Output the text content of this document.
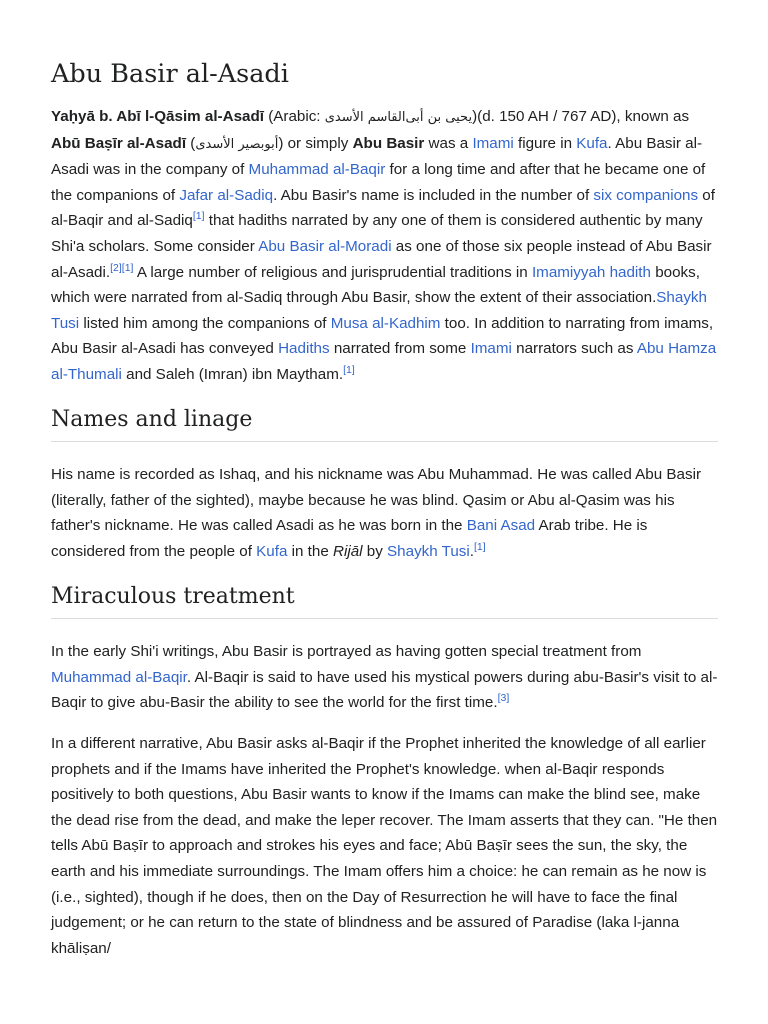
Abu Basir al-Asadi

Yaḥyā b. Abī l-Qāsim al-Asadī (Arabic: يحيى بن أبى‌القاسم الأسدى)(d. 150 AH / 767 AD), known as Abū Baṣīr al-Asadī (أبوبصير الأسدى) or simply Abu Basir was a Imami figure in Kufa. Abu Basir al-Asadi was in the company of Muhammad al-Baqir for a long time and after that he became one of the companions of Jafar al-Sadiq. Abu Basir's name is included in the number of six companions of al-Baqir and al-Sadiq[1] that hadiths narrated by any one of them is considered authentic by many Shi'a scholars. Some consider Abu Basir al-Moradi as one of those six people instead of Abu Basir al-Asadi.[2][1] A large number of religious and jurisprudential traditions in Imamiyyah hadith books, which were narrated from al-Sadiq through Abu Basir, show the extent of their association.Shaykh Tusi listed him among the companions of Musa al-Kadhim too. In addition to narrating from imams, Abu Basir al-Asadi has conveyed Hadiths narrated from some Imami narrators such as Abu Hamza al-Thumali and Saleh (Imran) ibn Maytham.[1]

Names and linage

His name is recorded as Ishaq, and his nickname was Abu Muhammad. He was called Abu Basir (literally, father of the sighted), maybe because he was blind. Qasim or Abu al-Qasim was his father's nickname. He was called Asadi as he was born in the Bani Asad Arab tribe. He is considered from the people of Kufa in the Rijāl by Shaykh Tusi.[1]

Miraculous treatment

In the early Shi'i writings, Abu Basir is portrayed as having gotten special treatment from Muhammad al-Baqir. Al-Baqir is said to have used his mystical powers during abu-Basir's visit to al-Baqir to give abu-Basir the ability to see the world for the first time.[3]

In a different narrative, Abu Basir asks al-Baqir if the Prophet inherited the knowledge of all earlier prophets and if the Imams have inherited the Prophet's knowledge. when al-Baqir responds positively to both questions, Abu Basir wants to know if the Imams can make the blind see, make the dead rise from the dead, and make the leper recover. The Imam asserts that they can. "He then tells Abū Baṣīr to approach and strokes his eyes and face; Abū Baṣīr sees the sun, the sky, the earth and his immediate surroundings. The Imam offers him a choice: he can remain as he now is (i.e., sighted), though if he does, then on the Day of Resurrection he will have to face the final judgement; or he can return to the state of blindness and be assured of Paradise (laka l-janna khāliṣan/
